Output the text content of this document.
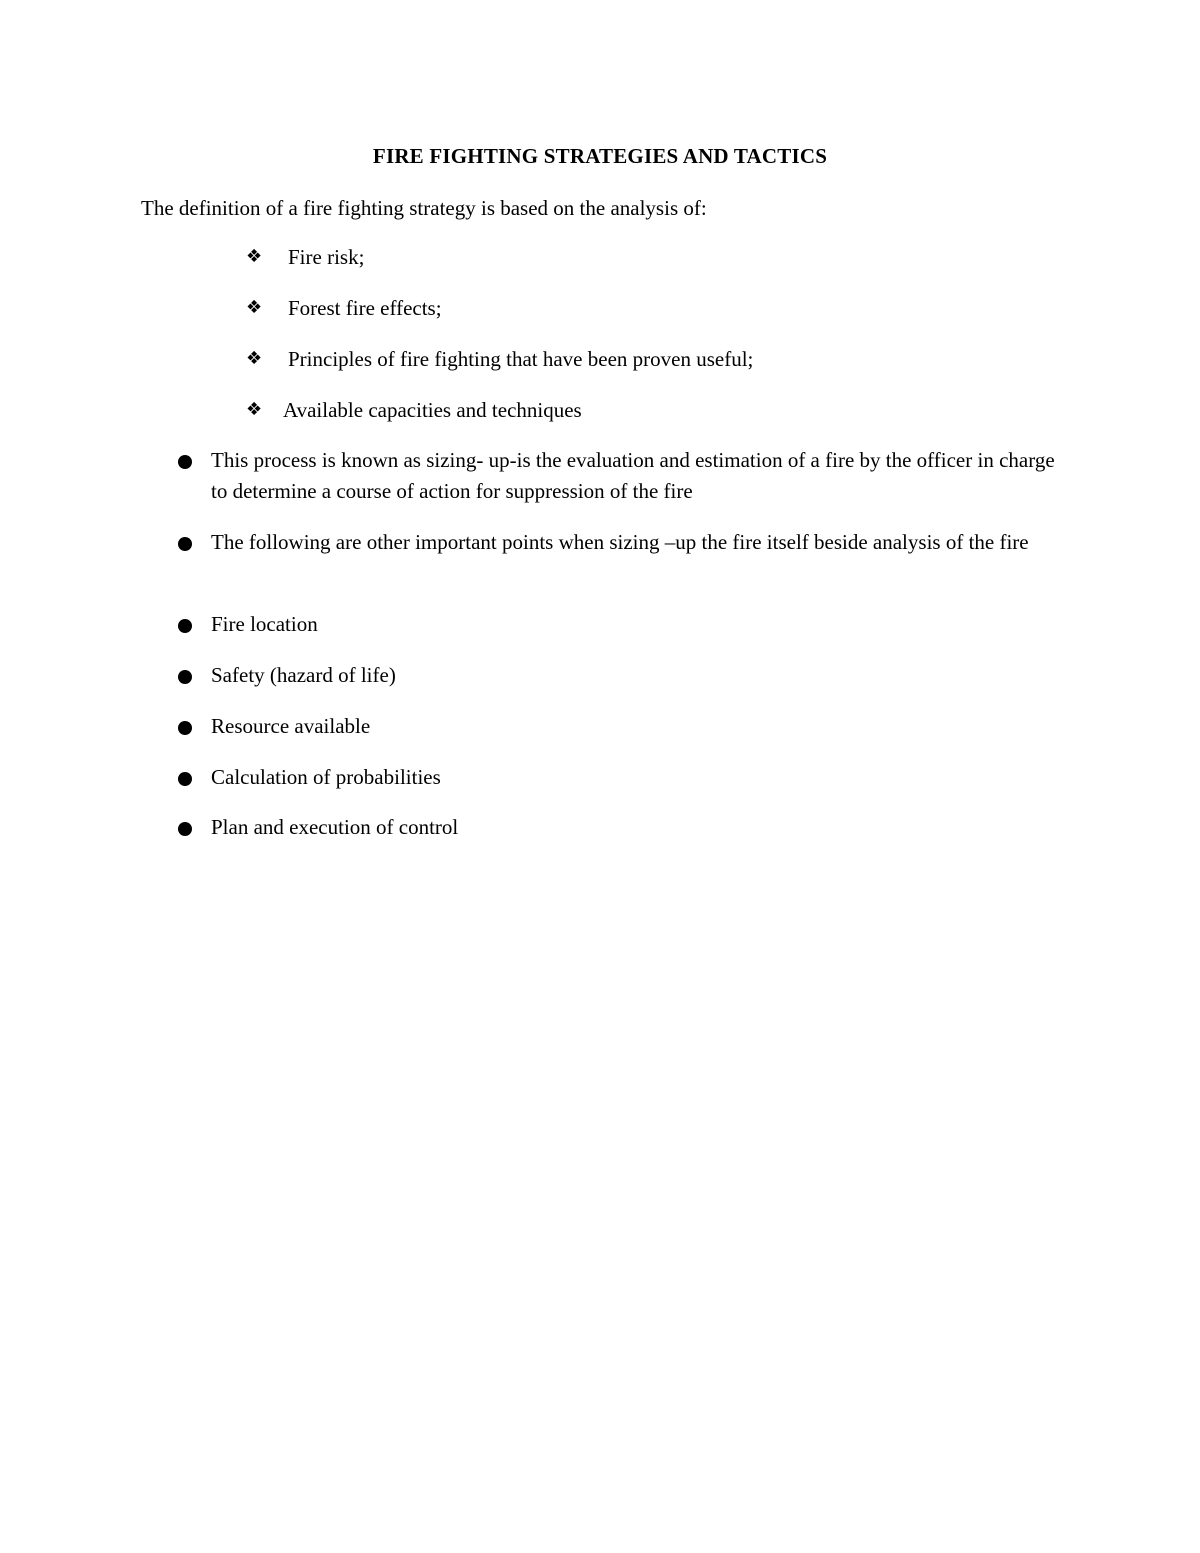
FIRE FIGHTING STRATEGIES AND TACTICS
The definition of a fire fighting strategy is based on the analysis of:
❖	Fire risk;
❖	Forest fire effects;
❖	Principles of fire fighting that have been proven useful;
❖ Available capacities and techniques
This process is known as sizing- up-is the evaluation and estimation of a fire by the officer in charge to determine a course of action for suppression of the fire
The following are other important points when sizing –up the fire itself beside analysis of the fire
Fire location
Safety (hazard of life)
Resource available
Calculation of probabilities
Plan and execution of control
